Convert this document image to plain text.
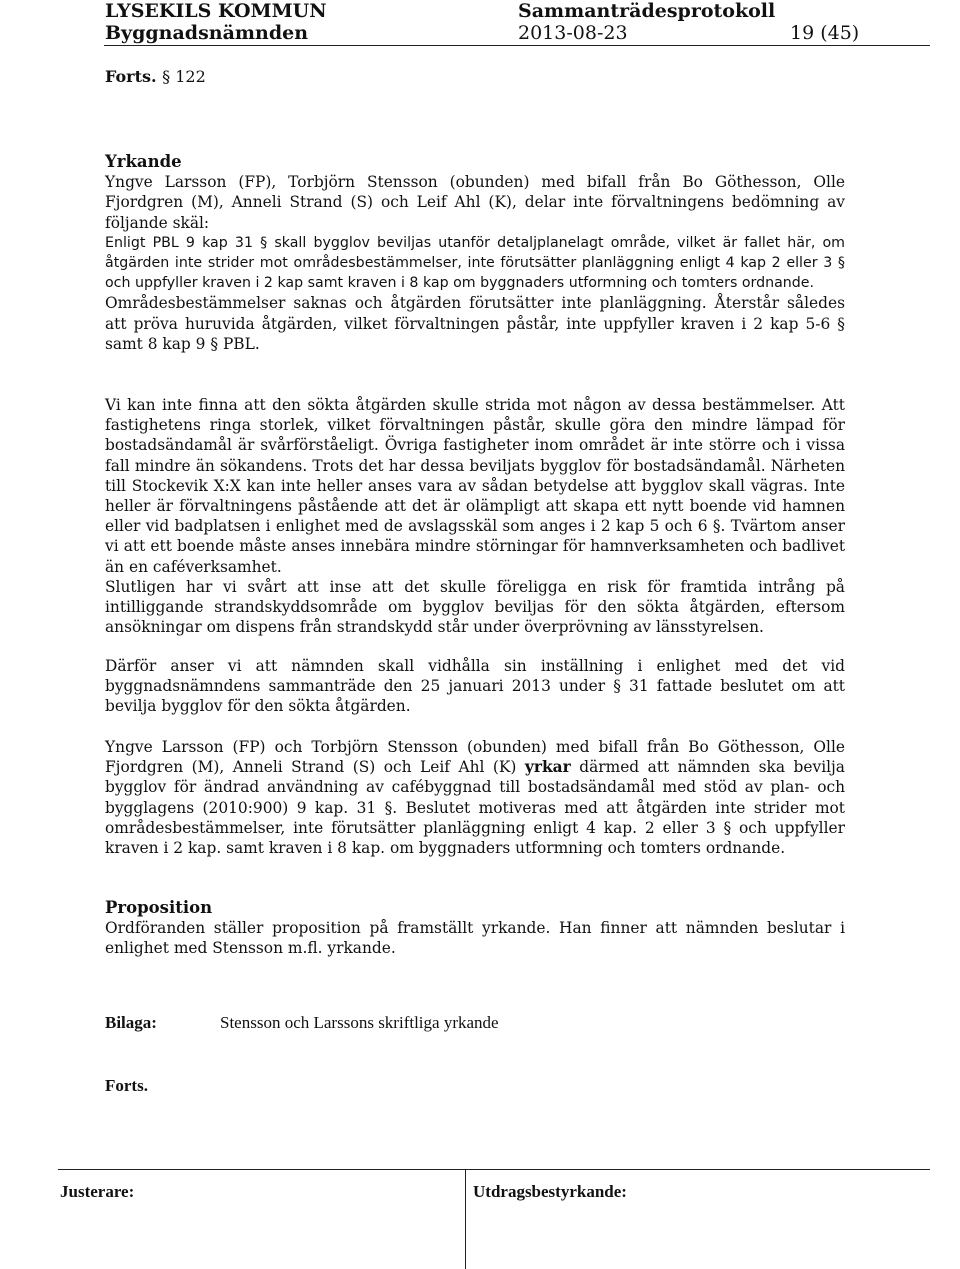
LYSEKILS KOMMUN	Sammanträdesprotokoll
Byggnadsnämnden	2013-08-23	19 (45)
Forts. § 122

Yrkande

Yngve Larsson (FP), Torbjörn Stensson (obunden) med bifall från Bo Göthesson, Olle Fjordgren (M), Anneli Strand (S) och Leif Ahl (K), delar inte förvaltningens bedömning av följande skäl:

Enligt PBL 9 kap 31 § skall bygglov beviljas utanför detaljplanelagt område, vilket är fallet här, om åtgärden inte strider mot områdesbestämmelser, inte förutsätter planläggning enligt 4 kap 2 eller 3 § och uppfyller kraven i 2 kap samt kraven i 8 kap om byggnaders utformning och tomters ordnande.

Områdesbestämmelser saknas och åtgärden förutsätter inte planläggning. Återstår således att pröva huruvida åtgärden, vilket förvaltningen påstår, inte uppfyller kraven i 2 kap 5-6 § samt 8 kap 9 § PBL.

Vi kan inte finna att den sökta åtgärden skulle strida mot någon av dessa bestämmelser. Att fastighetens ringa storlek, vilket förvaltningen påstår, skulle göra den mindre lämpad för bostadsändamål är svårförståeligt. Övriga fastigheter inom området är inte större och i vissa fall mindre än sökandens. Trots det har dessa beviljats bygglov för bostadsändamål. Närheten till Stockevik X:X kan inte heller anses vara av sådan betydelse att bygglov skall vägras. Inte heller är förvaltningens påstående att det är olämpligt att skapa ett nytt boende vid hamnen eller vid badplatsen i enlighet med de avslagsskäl som anges i 2 kap 5 och 6 §. Tvärtom anser vi att ett boende måste anses innebära mindre störningar för hamnverksamheten och badlivet än en caféverksamhet.

Slutligen har vi svårt att inse att det skulle föreligga en risk för framtida intrång på intilliggande strandskyddsområde om bygglov beviljas för den sökta åtgärden, eftersom ansökningar om dispens från strandskydd står under överprövning av länsstyrelsen.

Därför anser vi att nämnden skall vidhålla sin inställning i enlighet med det vid byggnadsnämndens sammanträde den 25 januari 2013 under § 31 fattade beslutet om att bevilja bygglov för den sökta åtgärden.

Yngve Larsson (FP) och Torbjörn Stensson (obunden) med bifall från Bo Göthesson, Olle Fjordgren (M), Anneli Strand (S) och Leif Ahl (K) yrkar därmed att nämnden ska bevilja bygglov för ändrad användning av cafébyggnad till bostadsändamål med stöd av plan- och bygglagens (2010:900) 9 kap. 31 §. Beslutet motiveras med att åtgärden inte strider mot områdesbestämmelser, inte förutsätter planläggning enligt 4 kap. 2 eller 3 § och uppfyller kraven i 2 kap. samt kraven i 8 kap. om byggnaders utformning och tomters ordnande.

Proposition

Ordföranden ställer proposition på framställt yrkande. Han finner att nämnden beslutar i enlighet med Stensson m.fl. yrkande.

Bilaga:	Stensson och Larssons skriftliga yrkande
Forts.
Justerare:	Utdragsbestyrkande:
